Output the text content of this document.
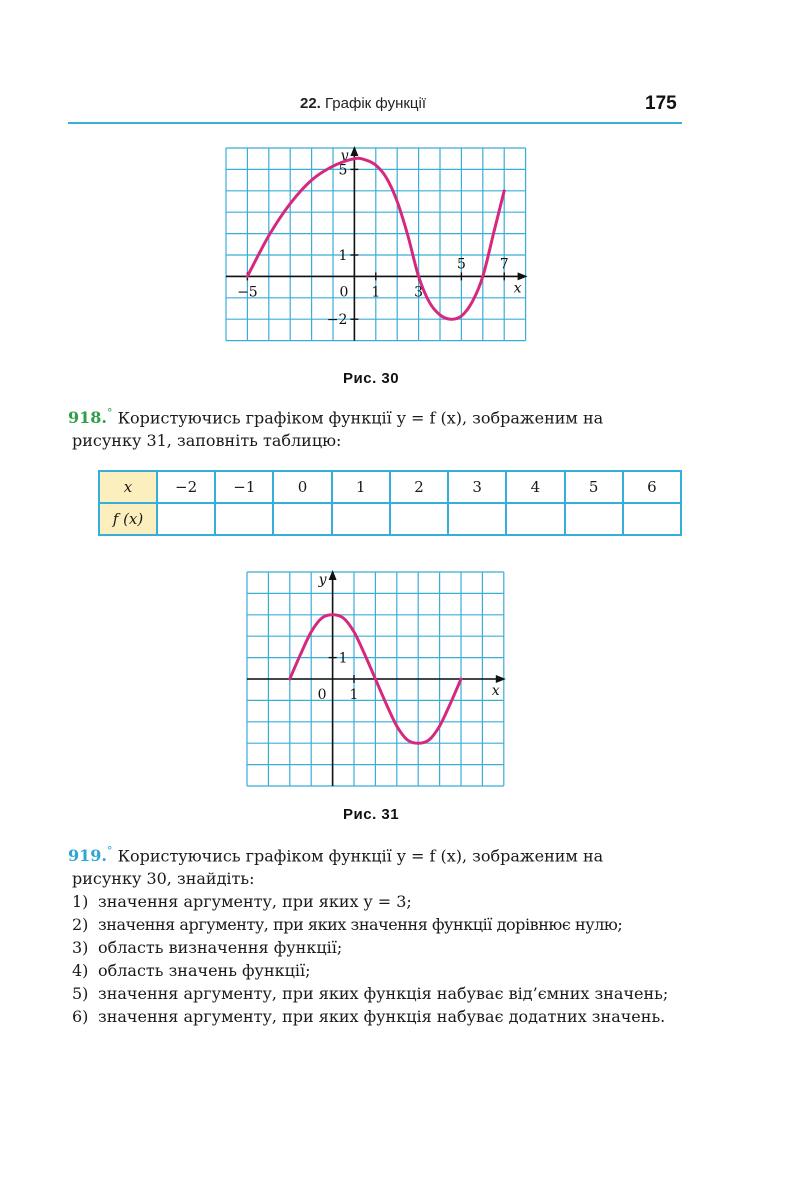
22. Графік функції	175
x
y
−5	0 1 3
5 7
5
1
−2
Рис. 30
918.° Користуючись графіком функції y = f (x), зображеним на
рисунку 31, заповніть таблицю:
x	−2	−1	0	1	2	3	4	5	6
f (x)									
x
y
0 1
1
Рис. 31
919.° Користуючись графіком функції y = f (x), зображеним на
рисунку 30, знайдіть:
1) значення аргументу, при яких y = 3;
2) значення аргументу, при яких значення функції дорівнює нулю;
3) область визначення функції;
4) область значень функції;
5) значення аргументу, при яких функція набуває від’ємних значень;
6) значення аргументу, при яких функція набуває додатних значень.
